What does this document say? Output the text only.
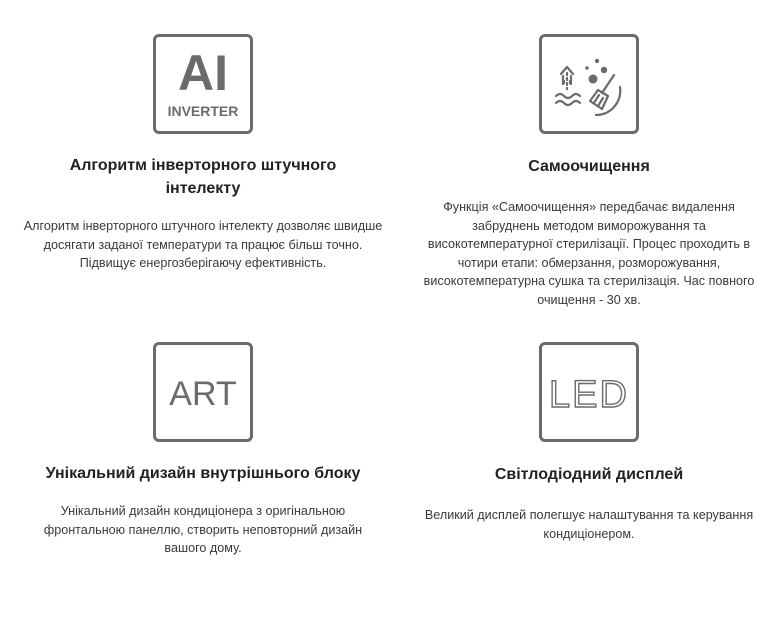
AI
INVERTER
Алгоритм інверторного штучного інтелекту
Алгоритм інверторного штучного інтелекту дозволяє швидше досягати заданої температури та працює більш точно. Підвищує енергозберігаючу ефективність.
Самоочищення
Функція «Самоочищення» передбачає видалення забруднень методом виморожування та високотемпературної стерилізації. Процес проходить в чотири етапи: обмерзання, розморожування, високотемпературна сушка та стерилізація. Час повного очищення - 30 хв.
ART
Унікальний дизайн внутрішнього блоку
Унікальний дизайн кондиціонера з оригінальною фронтальною панеллю, створить неповторний дизайн вашого дому.
LED
Світлодіодний дисплей
Великий дисплей полегшує налаштування та керування кондиціонером.
